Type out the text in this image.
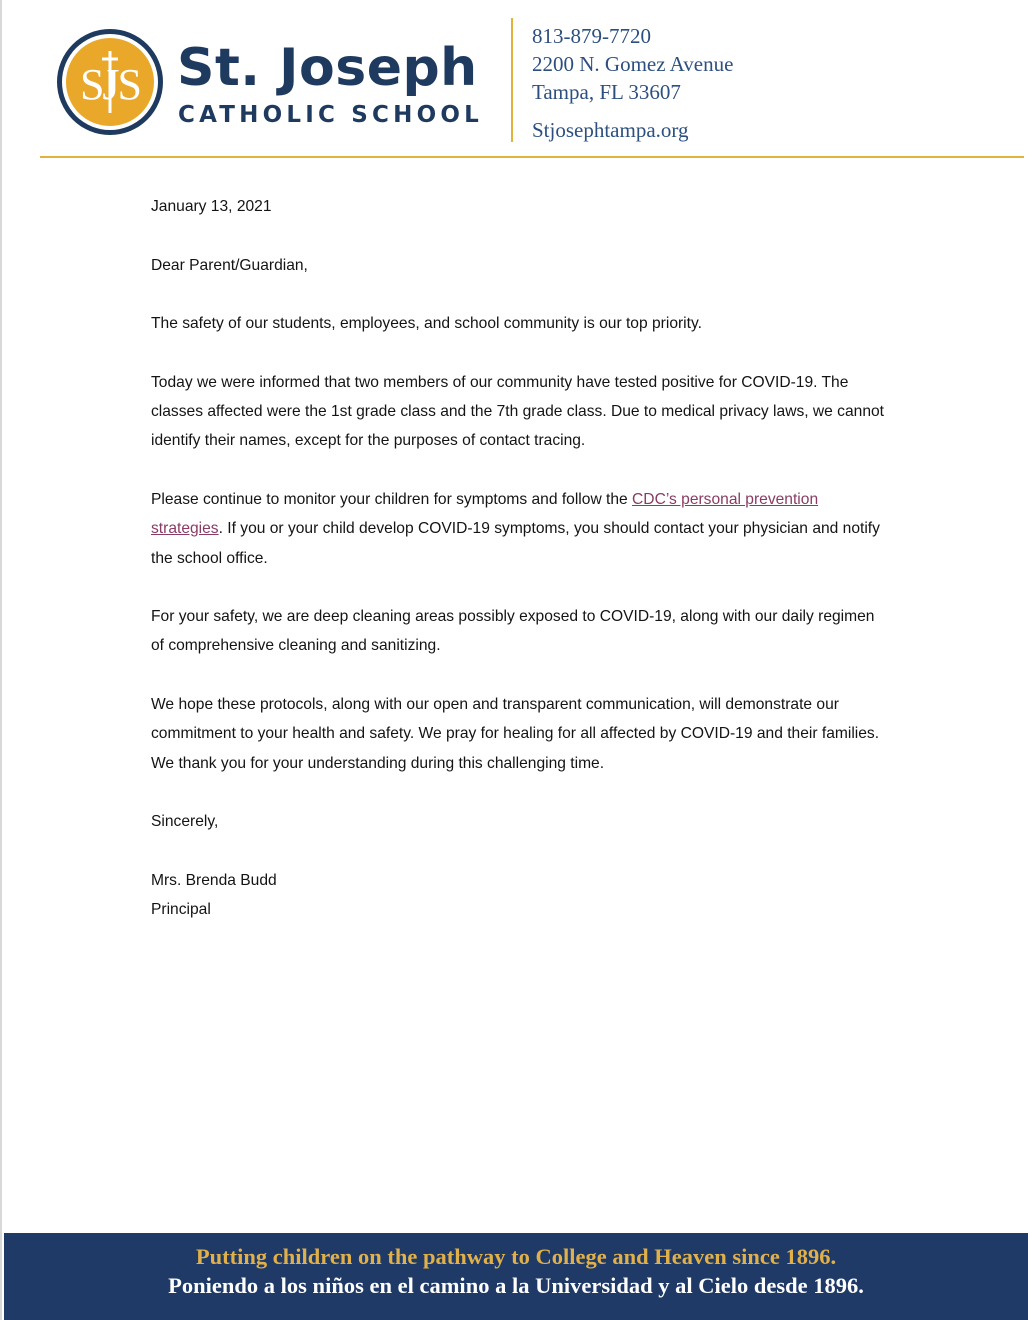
SJS St. Joseph
CATHOLIC SCHOOL
813-879-7720
2200 N. Gomez Avenue
Tampa, FL 33607
Stjosephtampa.org

January 13, 2021

Dear Parent/Guardian,

The safety of our students, employees, and school community is our top priority.

Today we were informed that two members of our community have tested positive for COVID-19. The classes affected were the 1st grade class and the 7th grade class. Due to medical privacy laws, we cannot identify their names, except for the purposes of contact tracing.

Please continue to monitor your children for symptoms and follow the CDC’s personal prevention strategies. If you or your child develop COVID-19 symptoms, you should contact your physician and notify the school office.

For your safety, we are deep cleaning areas possibly exposed to COVID-19, along with our daily regimen of comprehensive cleaning and sanitizing.

We hope these protocols, along with our open and transparent communication, will demonstrate our commitment to your health and safety. We pray for healing for all affected by COVID-19 and their families. We thank you for your understanding during this challenging time.

Sincerely,

Mrs. Brenda Budd

Principal

Putting children on the pathway to College and Heaven since 1896.
Poniendo a los niños en el camino a la Universidad y al Cielo desde 1896.
